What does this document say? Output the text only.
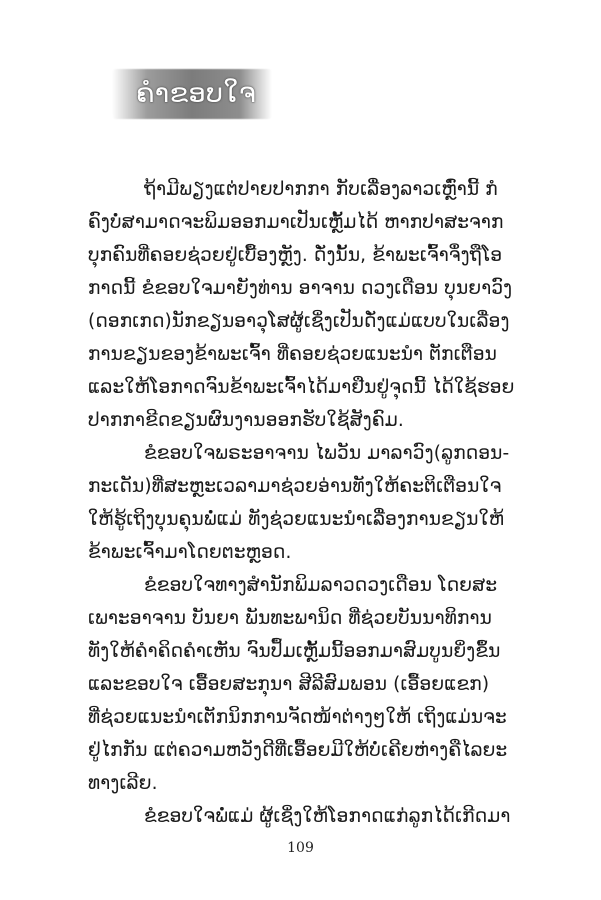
ຄຳຂອບໃຈ
ຖ້າມີພຽງແຕ່ປາຍປາກກາ ກັບເລື່ອງລາວເຫຼົ່ານີ້ ກໍ
ຄົງບໍ່ສາມາດຈະພິມອອກມາເປັນເຫຼັ້ມໄດ້ ຫາກປາສະຈາກ
ບຸກຄົນທີ່ຄອຍຊ່ວຍຢູ່ເບື້ອງຫຼັງ. ດັ່ງນັ້ນ, ຂ້າພະເຈົ້າຈຶ່ງຖືໂອ
ກາດນີ້ ຂໍຂອບໃຈມາຍັງທ່ານ ອາຈານ ດວງເດືອນ ບຸນຍາວົງ
(ດອກເກດ)ນັກຂຽນອາວຸໂສຜູ້ເຊິ່ງເປັນດັ່ງແມ່ແບບໃນເລື່ອງ
ການຂຽນຂອງຂ້າພະເຈົ້າ ທີ່ຄອຍຊ່ວຍແນະນຳ ຕັກເຕືອນ
ແລະໃຫ້ໂອກາດຈົນຂ້າພະເຈົ້າໄດ້ມາຢືນຢູ່ຈຸດນີ້ ໄດ້ໃຊ້ຮອຍ
ປາກກາຂີດຂຽນຜົນງານອອກຮັບໃຊ້ສັງຄົມ.
ຂໍຂອບໃຈພຣະອາຈານ ໄພວັນ ມາລາວົງ(ລູກດອນ-
ກະເດັນ)ທີ່ສະຫຼະເວລາມາຊ່ວຍອ່ານທັງໃຫ້ຄະຕິເຕືອນໃຈ
ໃຫ້ຮູ້ເຖິງບຸນຄຸນພໍ່ແມ່ ທັງຊ່ວຍແນະນຳເລື່ອງການຂຽນໃຫ້
ຂ້າພະເຈົ້າມາໂດຍຕະຫຼອດ.
ຂໍຂອບໃຈທາງສຳນັກພິມລາວດວງເດືອນ ໂດຍສະ
ເພາະອາຈານ ບັນຍາ ພັນທະພານິດ ທີ່ຊ່ວຍບັນນາທິການ
ທັງໃຫ້ຄຳຄິດຄຳເຫັນ ຈົນປຶ້ມເຫຼັ້ມນີ້ອອກມາສົມບູນຍິ່ງຂຶ້ນ
ແລະຂອບໃຈ ເອື້ອຍສະກຸນາ ສີລີສົມພອນ (ເອື້ອຍແຂກ)
ທີ່ຊ່ວຍແນະນຳເຕັກນິກການຈັດໜ້າຕ່າງໆໃຫ້ ເຖິງແມ່ນຈະ
ຢູ່ໄກກັນ ແຕ່ຄວາມຫວັງດີທີ່ເອື້ອຍມີໃຫ້ບໍ່ເຄີຍຫ່າງຄືໄລຍະ
ທາງເລີຍ.
ຂໍຂອບໃຈພໍ່ແມ່ ຜູ້ເຊິ່ງໃຫ້ໂອກາດແກ່ລູກໄດ້ເກີດມາ
109
